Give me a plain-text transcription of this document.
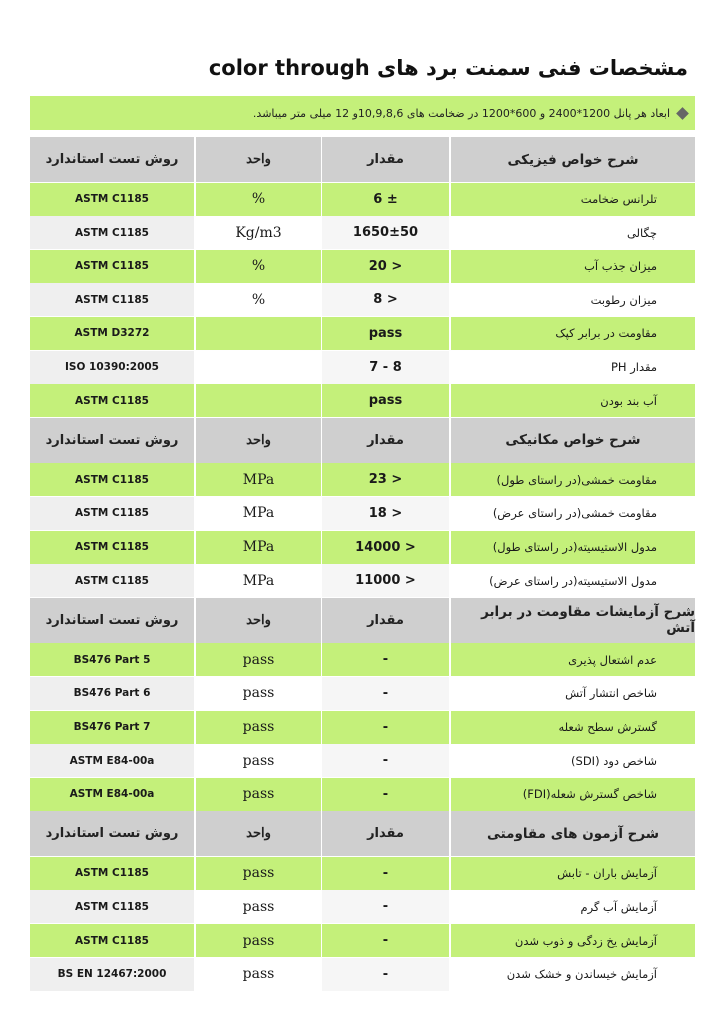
مشخصات فنی سمنت برد های color through
ابعاد هر پانل 1200*2400 و 600*1200 در ضخامت های 10,9,8,6و 12 میلی متر میباشد.
شرح خواص فیزیکی
مقدار
واحد
روش تست استاندارد
تلرانس ضخامت
6 ±
%
ASTM C1185
چگالی
1650±50
Kg/m3
ASTM C1185
میزان جذب آب
20 >
%
ASTM C1185
میزان رطوبت
8 >
%
ASTM C1185
مقاومت در برابر کپک
pass
ASTM D3272
مقدار PH
7 - 8
ISO 10390:2005
آب بند بودن
pass
ASTM C1185
شرح خواص مکانیکی
مقدار
واحد
روش تست استاندارد
مقاومت خمشی(در راستای طول)
23 >
MPa
ASTM C1185
مقاومت خمشی(در راستای عرض)
18 >
MPa
ASTM C1185
مدول الاستیسیته(در راستای طول)
14000 >
MPa
ASTM C1185
مدول الاستیسیته(در راستای عرض)
11000 >
MPa
ASTM C1185
شرح آزمایشات مقاومت در برابر آتش
مقدار
واحد
روش تست استاندارد
عدم اشتعال پذیری
-
pass
BS476 Part 5
شاخص انتشار آتش
-
pass
BS476 Part 6
گسترش سطح شعله
-
pass
BS476 Part 7
شاخص دود (SDI)
-
pass
ASTM E84-00a
شاخص گسترش شعله(FDI)
-
pass
ASTM E84-00a
شرح آزمون های مقاومتی
مقدار
واحد
روش تست استاندارد
آزمایش باران - تابش
-
pass
ASTM C1185
آزمایش آب گرم
-
pass
ASTM C1185
آزمایش یخ زدگی و ذوب شدن
-
pass
ASTM C1185
آزمایش خیساندن و خشک شدن
-
pass
BS EN 12467:2000
